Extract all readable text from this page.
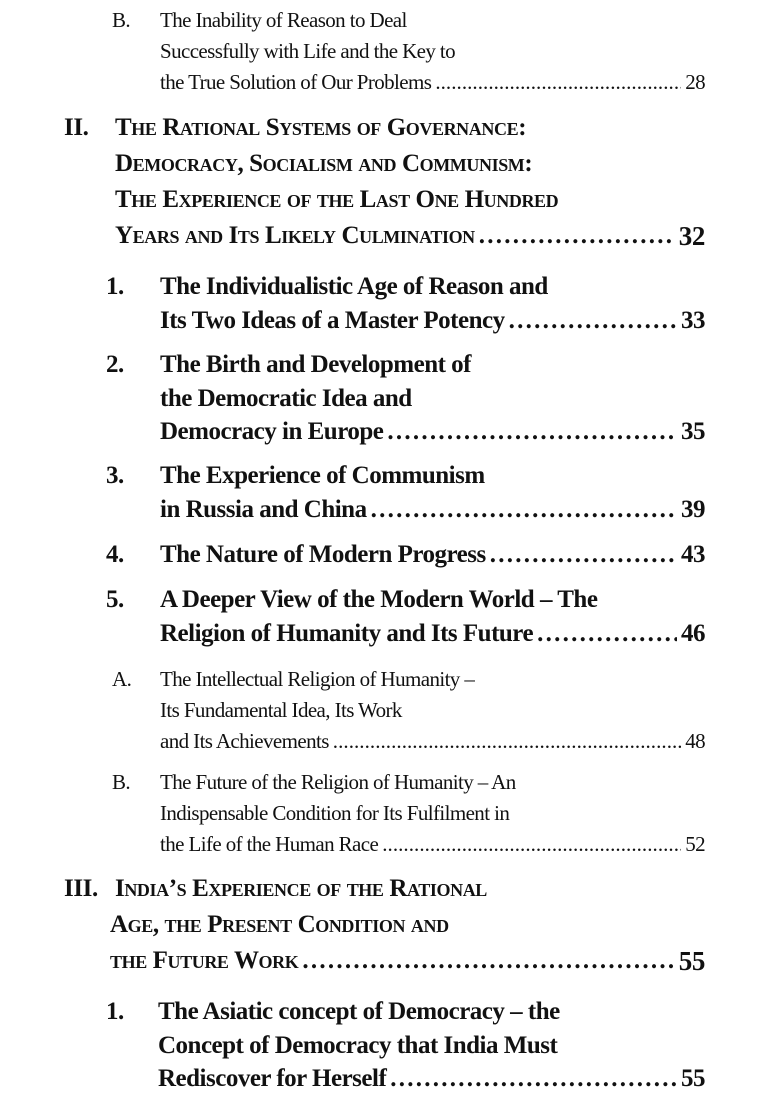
B. The Inability of Reason to Deal
Successfully with Life and the Key to
the True Solution of Our Problems . . .	28
II. The Rational Systems of Governance:
Democracy, Socialism and Communism:
The Experience of the Last One Hundred
Years and Its Likely Culmination . . .	32
1. The Individualistic Age of Reason and
Its Two Ideas of a Master Potency . . .	33
2. The Birth and Development of
the Democratic Idea and
Democracy in Europe . . .	35
3. The Experience of Communism
in Russia and China . . .	39
4. The Nature of Modern Progress . . .	43
5. A Deeper View of the Modern World – The
Religion of Humanity and Its Future . . .	46
A. The Intellectual Religion of Humanity –
Its Fundamental Idea, Its Work
and Its Achievements . . .	48
B. The Future of the Religion of Humanity – An
Indispensable Condition for Its Fulfilment in
the Life of the Human Race . . .	52
III. India’s Experience of the Rational
Age, the Present Condition and
the Future Work . . .	55
1. The Asiatic concept of Democracy – the
Concept of Democracy that India Must
Rediscover for Herself . . .	55
